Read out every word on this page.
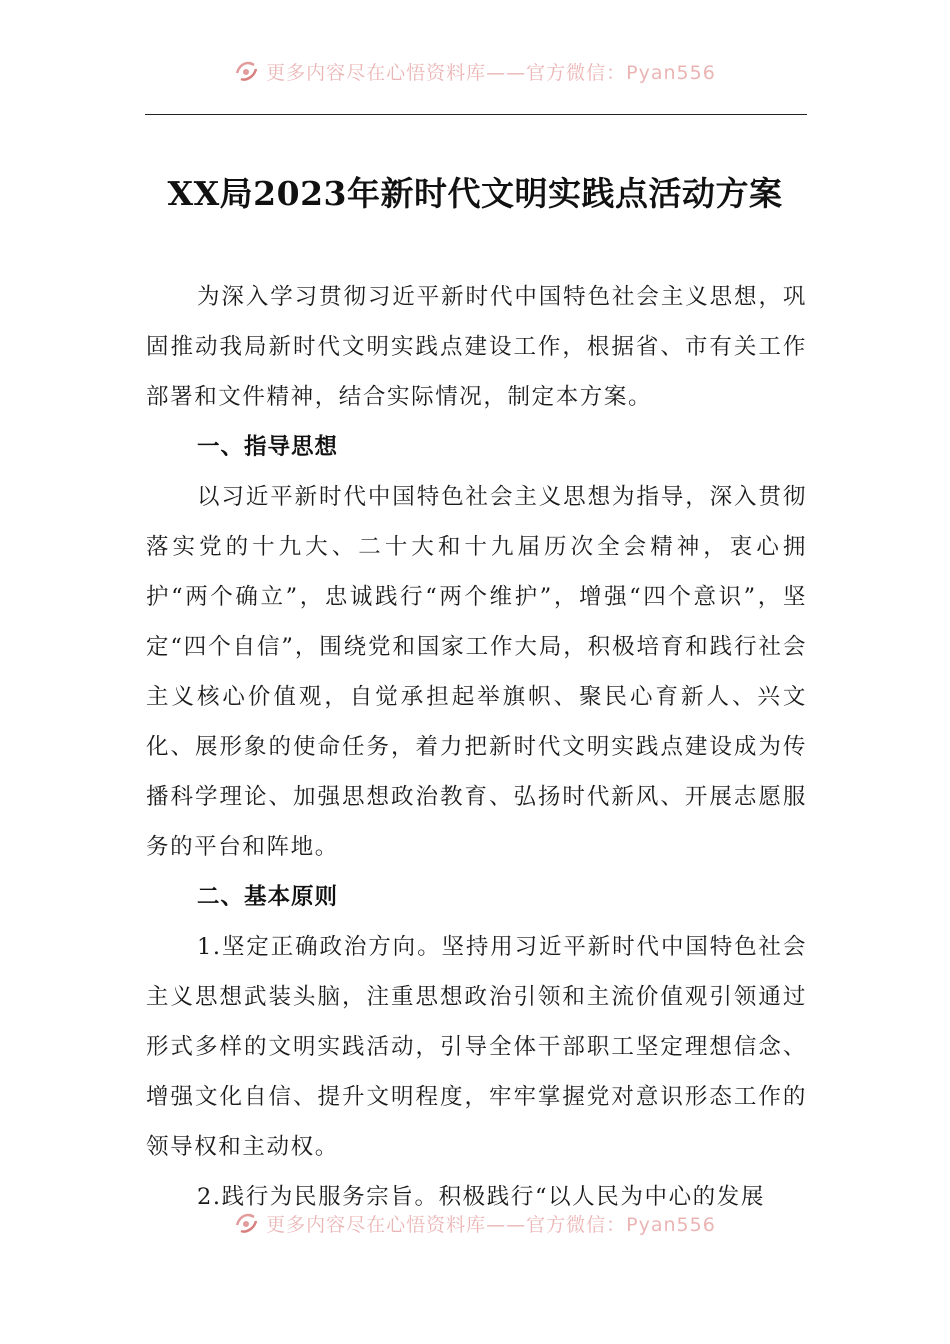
更多内容尽在心悟资料库——官方微信：Pyan556
XX局2023年新时代文明实践点活动方案

为深入学习贯彻习近平新时代中国特色社会主义思想，巩固推动我局新时代文明实践点建设工作，根据省、市有关工作部署和文件精神，结合实际情况，制定本方案。

一、指导思想

以习近平新时代中国特色社会主义思想为指导，深入贯彻落实党的十九大、二十大和十九届历次全会精神，衷心拥护“两个确立”，忠诚践行“两个维护”，增强“四个意识”，坚定“四个自信”，围绕党和国家工作大局，积极培育和践行社会主义核心价值观，自觉承担起举旗帜、聚民心育新人、兴文化、展形象的使命任务，着力把新时代文明实践点建设成为传播科学理论、加强思想政治教育、弘扬时代新风、开展志愿服务的平台和阵地。

二、基本原则

1.坚定正确政治方向。坚持用习近平新时代中国特色社会主义思想武装头脑，注重思想政治引领和主流价值观引领通过形式多样的文明实践活动，引导全体干部职工坚定理想信念、增强文化自信、提升文明程度，牢牢掌握党对意识形态工作的领导权和主动权。

2.践行为民服务宗旨。积极践行“以人民为中心的发展

更多内容尽在心悟资料库——官方微信：Pyan556
